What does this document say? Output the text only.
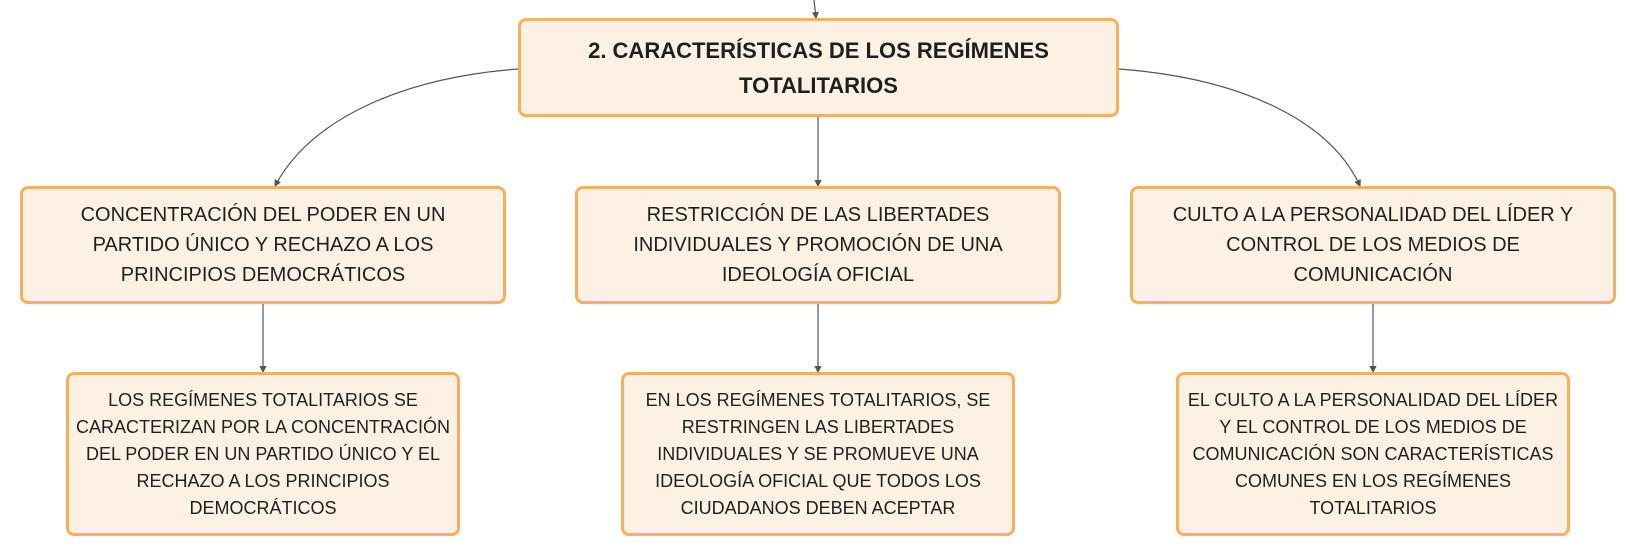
2. CARACTERÍSTICAS DE LOS REGÍMENES TOTALITARIOS
CONCENTRACIÓN DEL PODER EN UN PARTIDO ÚNICO Y RECHAZO A LOS PRINCIPIOS DEMOCRÁTICOS
RESTRICCIÓN DE LAS LIBERTADES INDIVIDUALES Y PROMOCIÓN DE UNA IDEOLOGÍA OFICIAL
CULTO A LA PERSONALIDAD DEL LÍDER Y CONTROL DE LOS MEDIOS DE COMUNICACIÓN
LOS REGÍMENES TOTALITARIOS SE CARACTERIZAN POR LA CONCENTRACIÓN DEL PODER EN UN PARTIDO ÚNICO Y EL RECHAZO A LOS PRINCIPIOS DEMOCRÁTICOS
EN LOS REGÍMENES TOTALITARIOS, SE RESTRINGEN LAS LIBERTADES INDIVIDUALES Y SE PROMUEVE UNA IDEOLOGÍA OFICIAL QUE TODOS LOS CIUDADANOS DEBEN ACEPTAR
EL CULTO A LA PERSONALIDAD DEL LÍDER Y EL CONTROL DE LOS MEDIOS DE COMUNICACIÓN SON CARACTERÍSTICAS COMUNES EN LOS REGÍMENES TOTALITARIOS
